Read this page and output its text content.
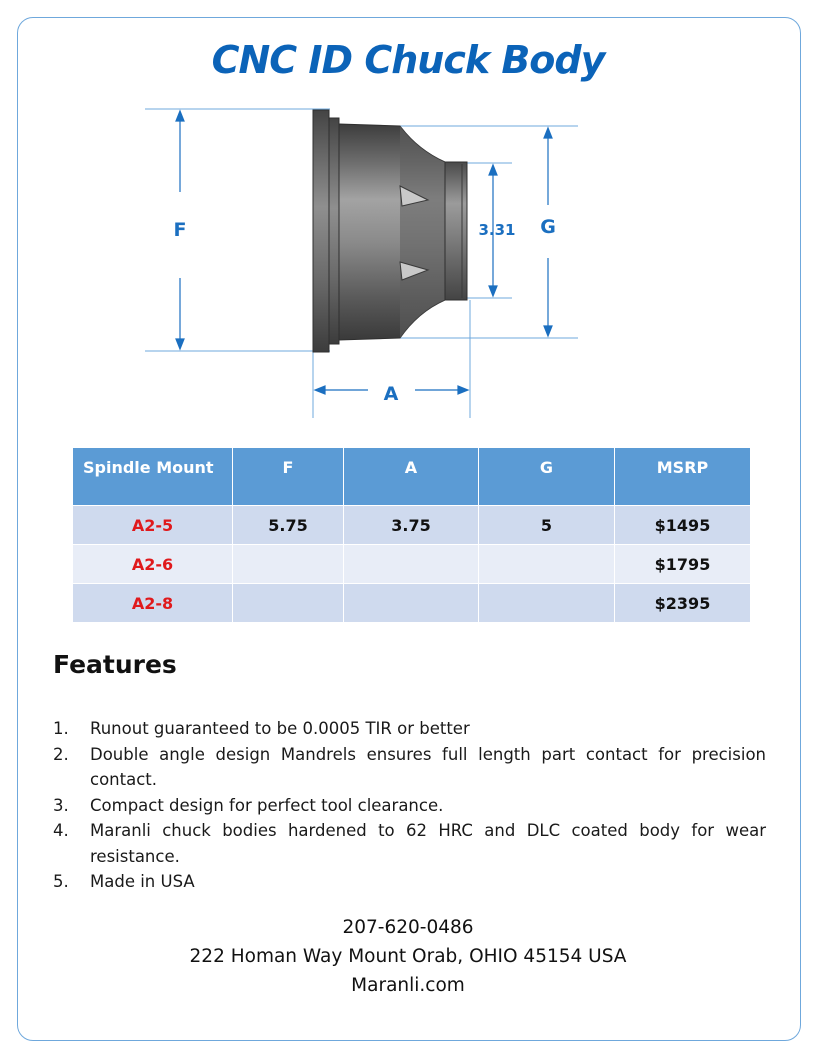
CNC ID Chuck Body
F	G
A
3.31
Spindle Mount	F	A	G	MSRP
A2-5	5.75	3.75	5	$1495
A2-6				$1795
A2-8				$2395
Features
1. Runout guaranteed to be 0.0005 TIR or better
2. Double angle design Mandrels ensures full length part contact for precision contact.
3. Compact design for perfect tool clearance.
4. Maranli chuck bodies hardened to 62 HRC and DLC coated body for wear resistance.
5. Made in USA
207-620-0486
222 Homan Way Mount Orab, OHIO 45154 USA
Maranli.com
